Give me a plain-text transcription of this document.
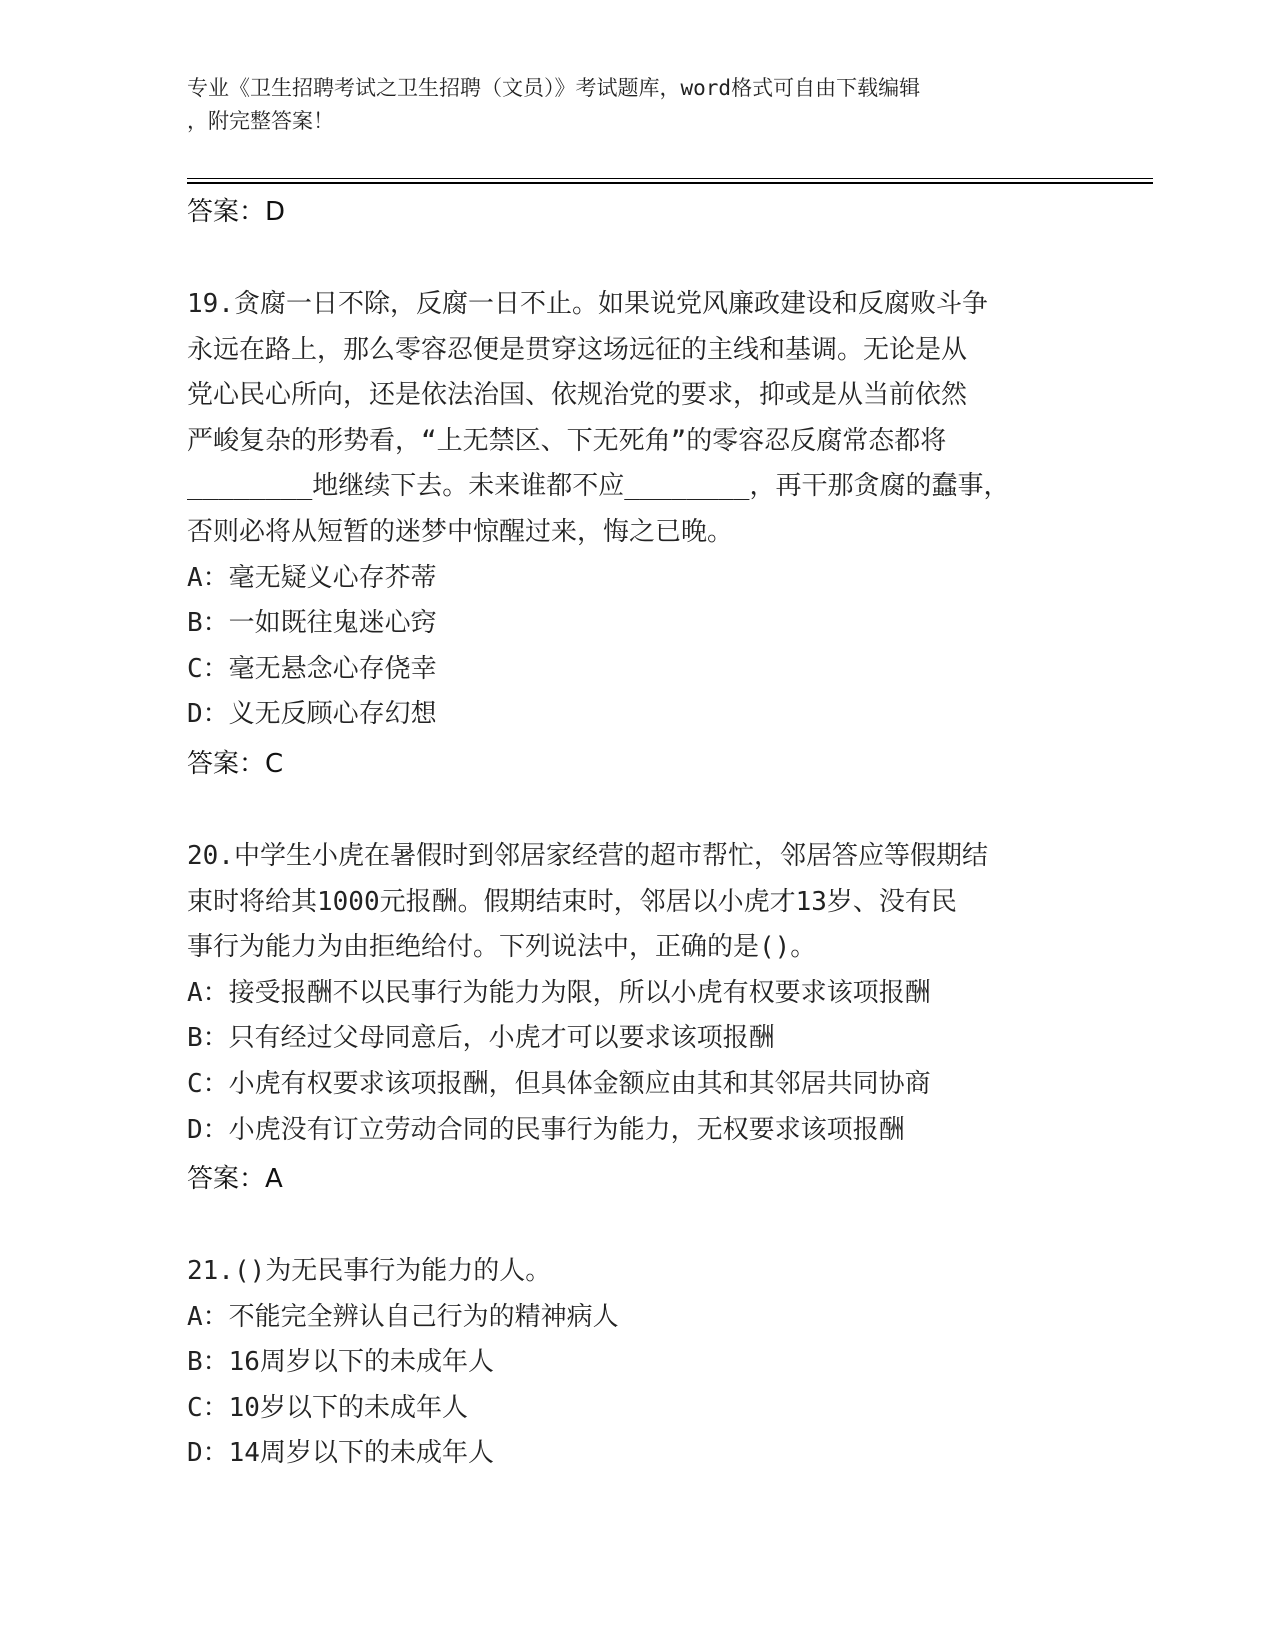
专业《卫生招聘考试之卫生招聘（文员）》考试题库，word格式可自由下载编辑
，附完整答案！
答案：D
19.贪腐一日不除，反腐一日不止。如果说党风廉政建设和反腐败斗争
永远在路上，那么零容忍便是贯穿这场远征的主线和基调。无论是从
党心民心所向，还是依法治国、依规治党的要求，抑或是从当前依然
严峻复杂的形势看，“上无禁区、下无死角”的零容忍反腐常态都将
________地继续下去。未来谁都不应________，再干那贪腐的蠢事，
否则必将从短暂的迷梦中惊醒过来，悔之已晚。
A：毫无疑义心存芥蒂
B：一如既往鬼迷心窍
C：毫无悬念心存侥幸
D：义无反顾心存幻想
答案：C
20.中学生小虎在暑假时到邻居家经营的超市帮忙，邻居答应等假期结
束时将给其1000元报酬。假期结束时，邻居以小虎才13岁、没有民
事行为能力为由拒绝给付。下列说法中，正确的是()。
A：接受报酬不以民事行为能力为限，所以小虎有权要求该项报酬
B：只有经过父母同意后，小虎才可以要求该项报酬
C：小虎有权要求该项报酬，但具体金额应由其和其邻居共同协商
D：小虎没有订立劳动合同的民事行为能力，无权要求该项报酬
答案：A
21.()为无民事行为能力的人。
A：不能完全辨认自己行为的精神病人
B：16周岁以下的未成年人
C：10岁以下的未成年人
D：14周岁以下的未成年人
